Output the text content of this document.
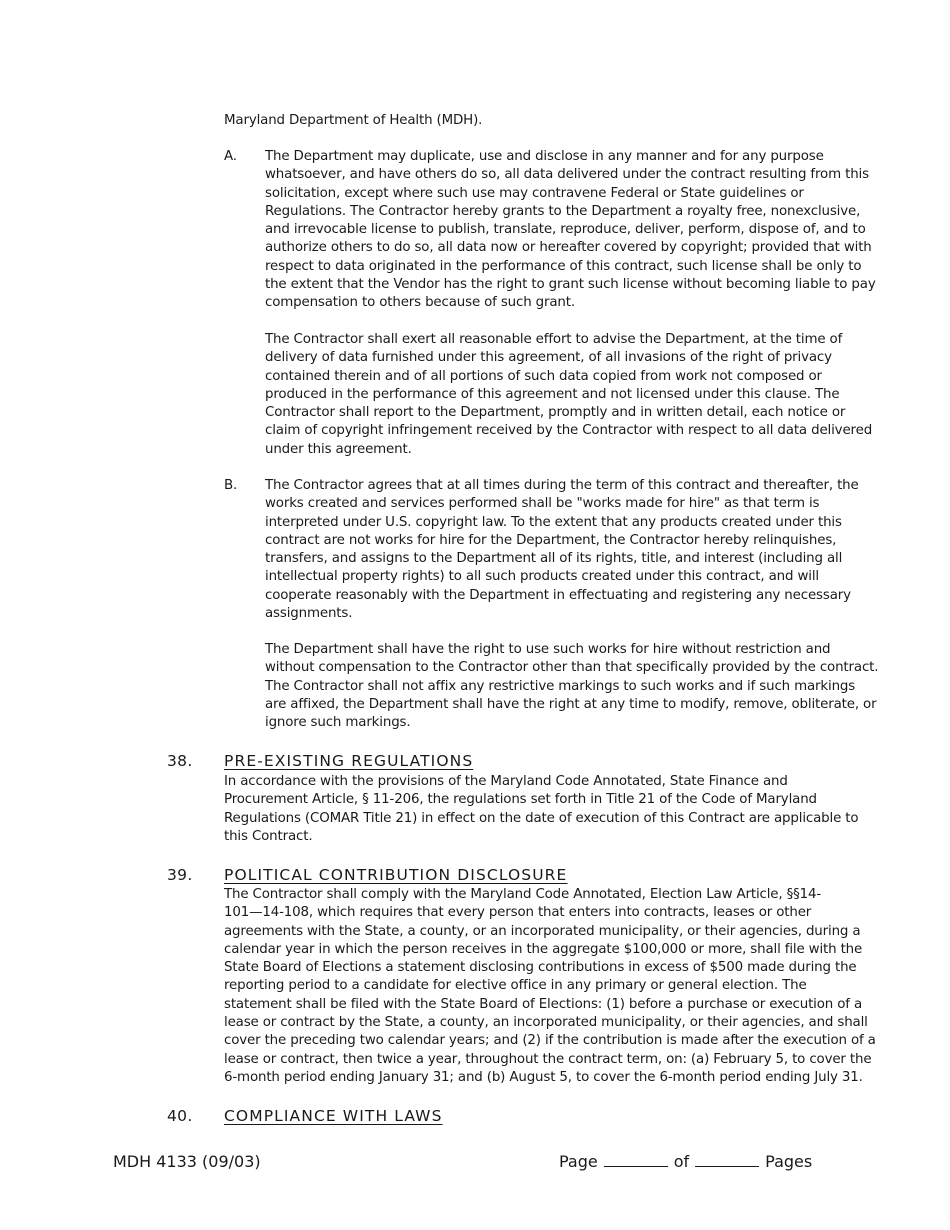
Maryland Department of Health (MDH).
A. The Department may duplicate, use and disclose in any manner and for any purpose
whatsoever, and have others do so, all data delivered under the contract resulting from this
solicitation, except where such use may contravene Federal or State guidelines or
Regulations. The Contractor hereby grants to the Department a royalty free, nonexclusive,
and irrevocable license to publish, translate, reproduce, deliver, perform, dispose of, and to
authorize others to do so, all data now or hereafter covered by copyright; provided that with
respect to data originated in the performance of this contract, such license shall be only to
the extent that the Vendor has the right to grant such license without becoming liable to pay
compensation to others because of such grant.
The Contractor shall exert all reasonable effort to advise the Department, at the time of
delivery of data furnished under this agreement, of all invasions of the right of privacy
contained therein and of all portions of such data copied from work not composed or
produced in the performance of this agreement and not licensed under this clause. The
Contractor shall report to the Department, promptly and in written detail, each notice or
claim of copyright infringement received by the Contractor with respect to all data delivered
under this agreement.
B. The Contractor agrees that at all times during the term of this contract and thereafter, the
works created and services performed shall be "works made for hire" as that term is
interpreted under U.S. copyright law. To the extent that any products created under this
contract are not works for hire for the Department, the Contractor hereby relinquishes,
transfers, and assigns to the Department all of its rights, title, and interest (including all
intellectual property rights) to all such products created under this contract, and will
cooperate reasonably with the Department in effectuating and registering any necessary
assignments.
The Department shall have the right to use such works for hire without restriction and
without compensation to the Contractor other than that specifically provided by the contract.
The Contractor shall not affix any restrictive markings to such works and if such markings
are affixed, the Department shall have the right at any time to modify, remove, obliterate, or
ignore such markings.
38. PRE-EXISTING REGULATIONS
In accordance with the provisions of the Maryland Code Annotated, State Finance and
Procurement Article, § 11-206, the regulations set forth in Title 21 of the Code of Maryland
Regulations (COMAR Title 21) in effect on the date of execution of this Contract are applicable to
this Contract.
39. POLITICAL CONTRIBUTION DISCLOSURE
The Contractor shall comply with the Maryland Code Annotated, Election Law Article, §§14-
101—14-108, which requires that every person that enters into contracts, leases or other
agreements with the State, a county, or an incorporated municipality, or their agencies, during a
calendar year in which the person receives in the aggregate $100,000 or more, shall file with the
State Board of Elections a statement disclosing contributions in excess of $500 made during the
reporting period to a candidate for elective office in any primary or general election. The
statement shall be filed with the State Board of Elections: (1) before a purchase or execution of a
lease or contract by the State, a county, an incorporated municipality, or their agencies, and shall
cover the preceding two calendar years; and (2) if the contribution is made after the execution of a
lease or contract, then twice a year, throughout the contract term, on: (a) February 5, to cover the
6-month period ending January 31; and (b) August 5, to cover the 6-month period ending July 31.
40. COMPLIANCE WITH LAWS
MDH 4133 (09/03)	Page	of	Pages
